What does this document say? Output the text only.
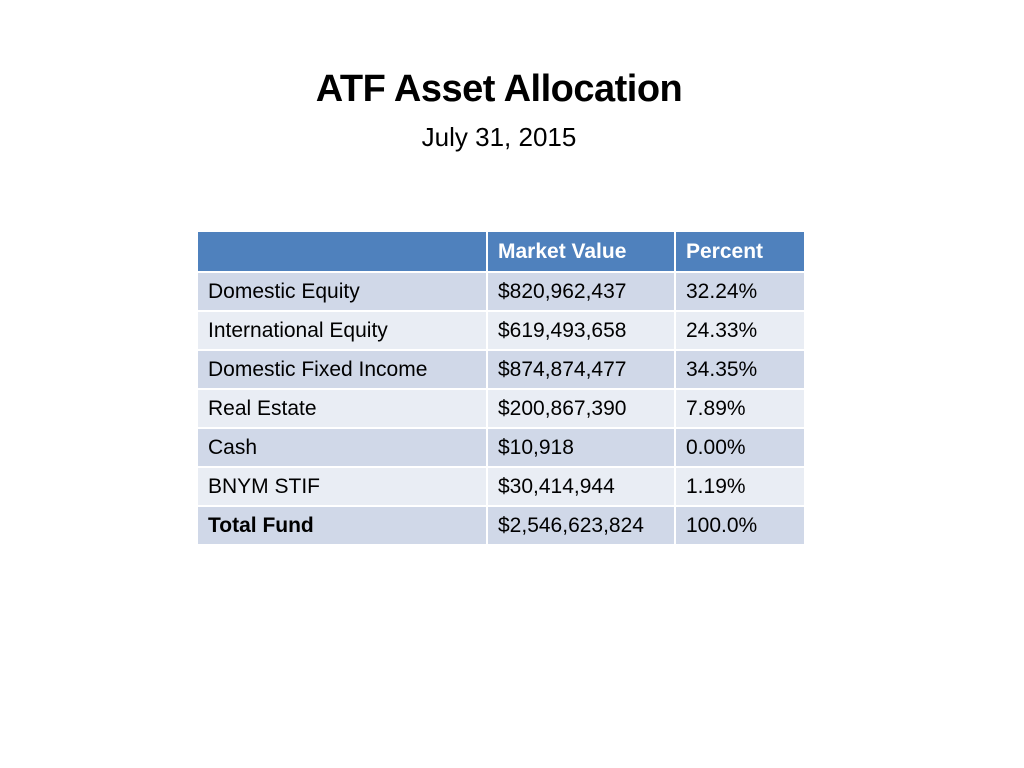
ATF Asset Allocation
July 31, 2015
	Market Value	Percent
Domestic Equity	$820,962,437	32.24%
International Equity	$619,493,658	24.33%
Domestic Fixed Income	$874,874,477	34.35%
Real Estate	$200,867,390	7.89%
Cash	$10,918	0.00%
BNYM STIF	$30,414,944	1.19%
Total Fund	$2,546,623,824	100.0%
